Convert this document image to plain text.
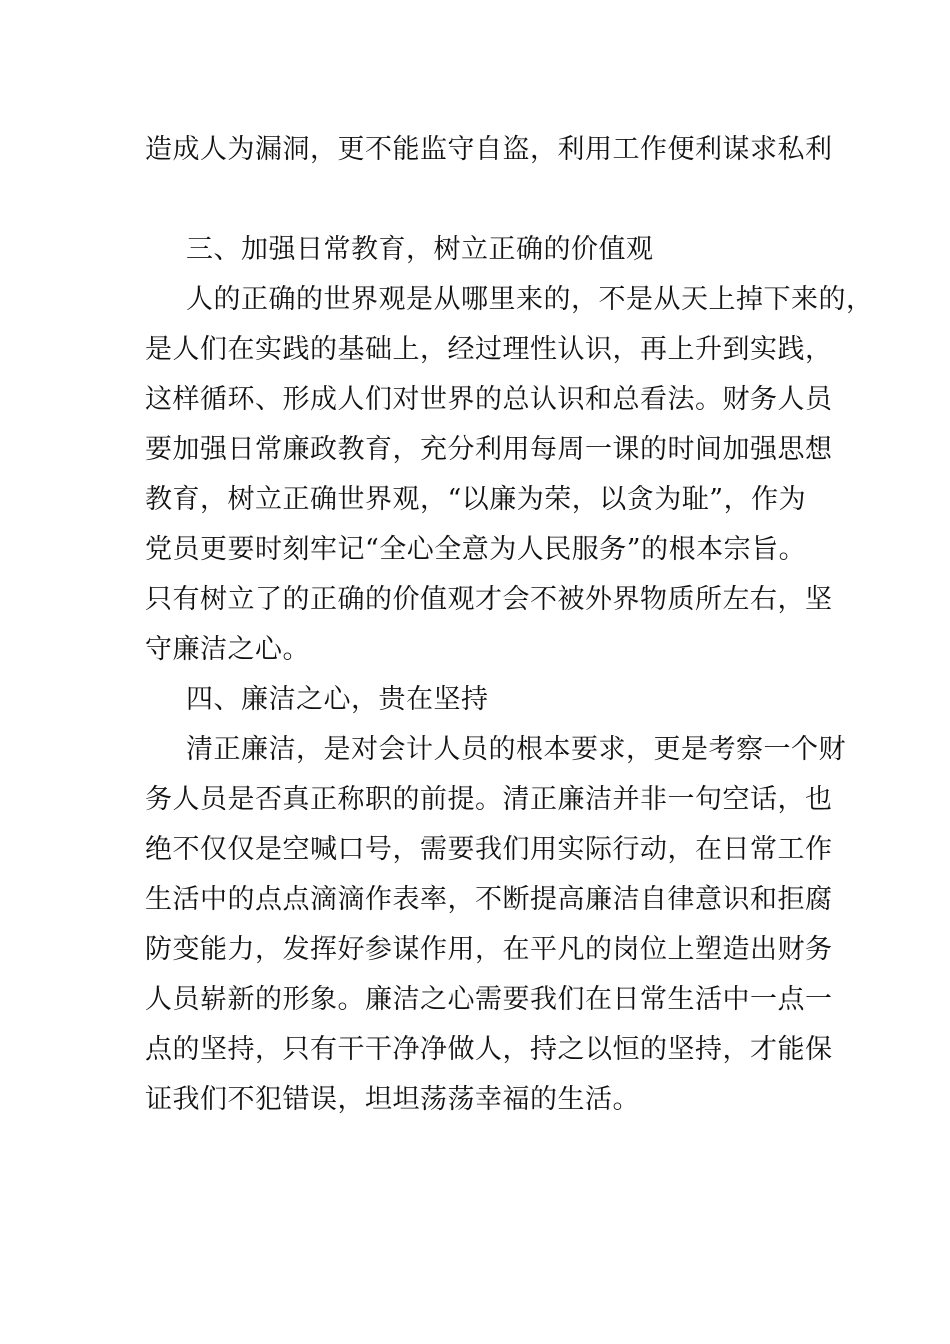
造成人为漏洞，更不能监守自盗，利用工作便利谋求私利
三、加强日常教育，树立正确的价值观
人的正确的世界观是从哪里来的，不是从天上掉下来的，
是人们在实践的基础上，经过理性认识，再上升到实践，
这样循环、形成人们对世界的总认识和总看法。财务人员
要加强日常廉政教育，充分利用每周一课的时间加强思想
教育，树立正确世界观，“以廉为荣，以贪为耻”，作为
党员更要时刻牢记“全心全意为人民服务”的根本宗旨。
只有树立了的正确的价值观才会不被外界物质所左右，坚
守廉洁之心。
四、廉洁之心，贵在坚持
清正廉洁，是对会计人员的根本要求，更是考察一个财
务人员是否真正称职的前提。清正廉洁并非一句空话，也
绝不仅仅是空喊口号，需要我们用实际行动，在日常工作
生活中的点点滴滴作表率，不断提高廉洁自律意识和拒腐
防变能力，发挥好参谋作用，在平凡的岗位上塑造出财务
人员崭新的形象。廉洁之心需要我们在日常生活中一点一
点的坚持，只有干干净净做人，持之以恒的坚持，才能保
证我们不犯错误，坦坦荡荡幸福的生活。
